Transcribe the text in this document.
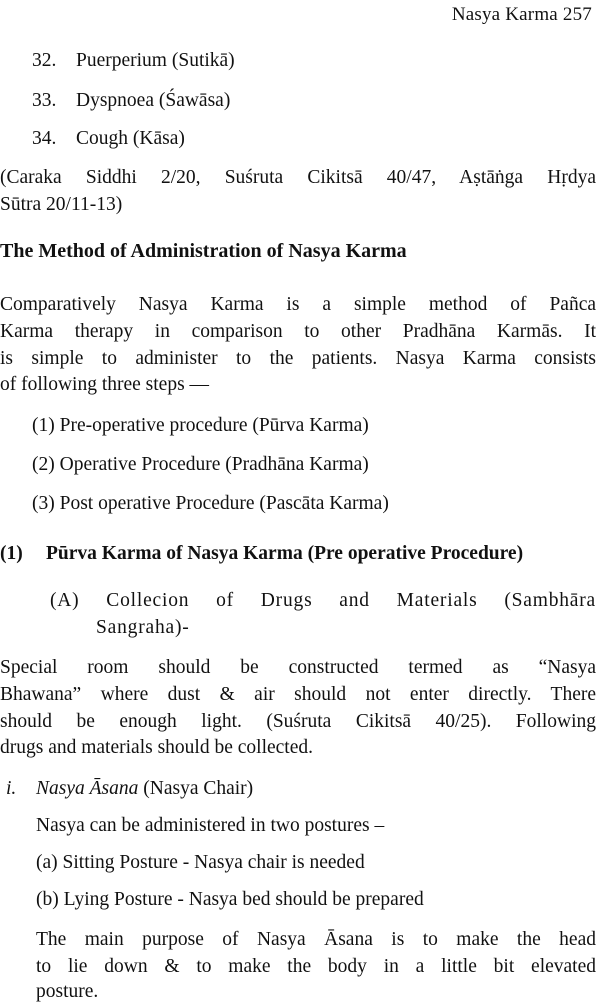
Nasya Karma 257
32. Puerperium (Sutikā)
33. Dyspnoea (Śawāsa)
34. Cough (Kāsa)
(Caraka Siddhi 2/20, Suśruta Cikitsā 40/47, Aṣtāṅga Hṛdya
Sūtra 20/11-13)
The Method of Administration of Nasya Karma
Comparatively Nasya Karma is a simple method of Pañca
Karma therapy in comparison to other Pradhāna Karmās. It
is simple to administer to the patients. Nasya Karma consists
of following three steps —
(1) Pre-operative procedure (Pūrva Karma)
(2) Operative Procedure (Pradhāna Karma)
(3) Post operative Procedure (Pascāta Karma)
(1) Pūrva Karma of Nasya Karma (Pre operative Procedure)
(A) Collecion of Drugs and Materials (Sambhāra
Sangraha)-
Special room should be constructed termed as “Nasya
Bhawana” where dust & air should not enter directly. There
should be enough light. (Suśruta Cikitsā 40/25). Following
drugs and materials should be collected.
i. Nasya Āsana (Nasya Chair)
Nasya can be administered in two postures –
(a) Sitting Posture - Nasya chair is needed
(b) Lying Posture - Nasya bed should be prepared
The main purpose of Nasya Āsana is to make the head
to lie down & to make the body in a little bit elevated
posture.
